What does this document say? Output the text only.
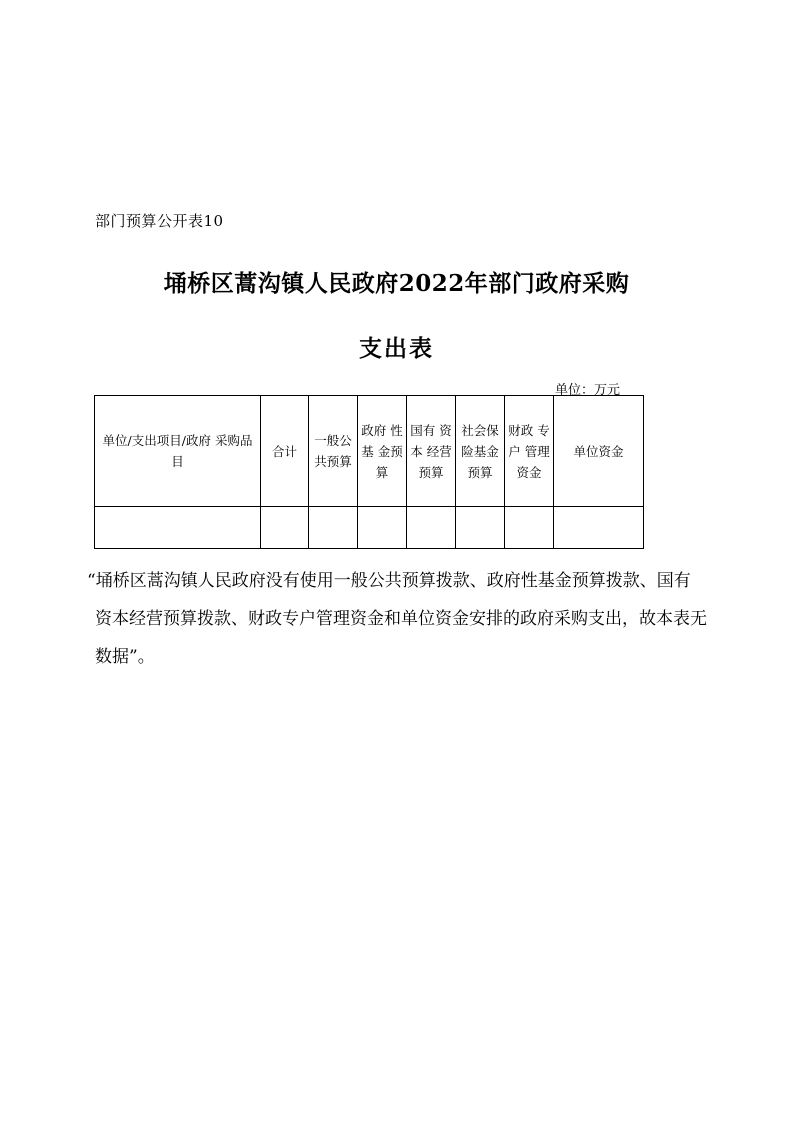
部门预算公开表10
埇桥区蒿沟镇人民政府2022年部门政府采购
支出表
单位：万元
单位/支出项目/政府 采购品目	合计	一般公共预算	政府 性基 金预算	国有 资本 经营预算	社会保险基金预算	财政 专户 管理资金	单位资金

“埇桥区蒿沟镇人民政府没有使用一般公共预算拨款、政府性基金预算拨款、国有资本经营预算拨款、财政专户管理资金和单位资金安排的政府采购支出，故本表无数据”。
